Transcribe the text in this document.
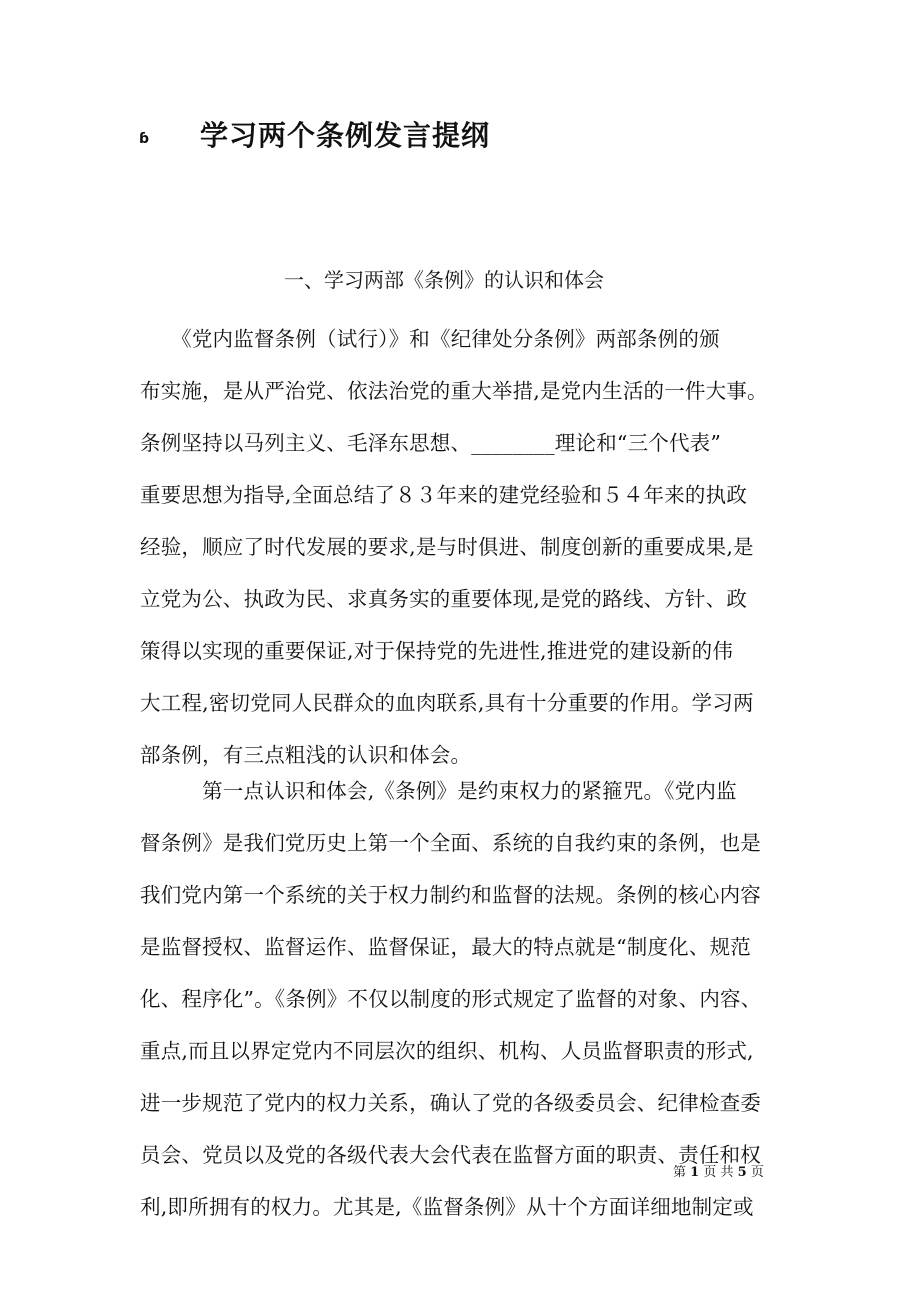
ɓ 学习两个条例发言提纲
一、学习两部《条例》的认识和体会
　　《党内监督条例（试行）》和《纪律处分条例》两部条例的颁
布实施，是从严治党、依法治党的重大举措,是党内生活的一件大事。
条例坚持以马列主义、毛泽东思想、________理论和“三个代表”
重要思想为指导,全面总结了８３年来的建党经验和５４年来的执政
经验，顺应了时代发展的要求,是与时俱进、制度创新的重要成果,是
立党为公、执政为民、求真务实的重要体现,是党的路线、方针、政
策得以实现的重要保证,对于保持党的先进性,推进党的建设新的伟
大工程,密切党同人民群众的血肉联系,具有十分重要的作用。学习两
部条例，有三点粗浅的认识和体会。
　　　第一点认识和体会,《条例》是约束权力的紧箍咒。《党内监
督条例》是我们党历史上第一个全面、系统的自我约束的条例，也是
我们党内第一个系统的关于权力制约和监督的法规。条例的核心内容
是监督授权、监督运作、监督保证，最大的特点就是“制度化、规范
化、程序化”。《条例》不仅以制度的形式规定了监督的对象、内容、
重点,而且以界定党内不同层次的组织、机构、人员监督职责的形式,
进一步规范了党内的权力关系，确认了党的各级委员会、纪律检查委
员会、党员以及党的各级代表大会代表在监督方面的职责、责任和权
利,即所拥有的权力。尤其是,《监督条例》从十个方面详细地制定或
第 1 页 共 5 页
